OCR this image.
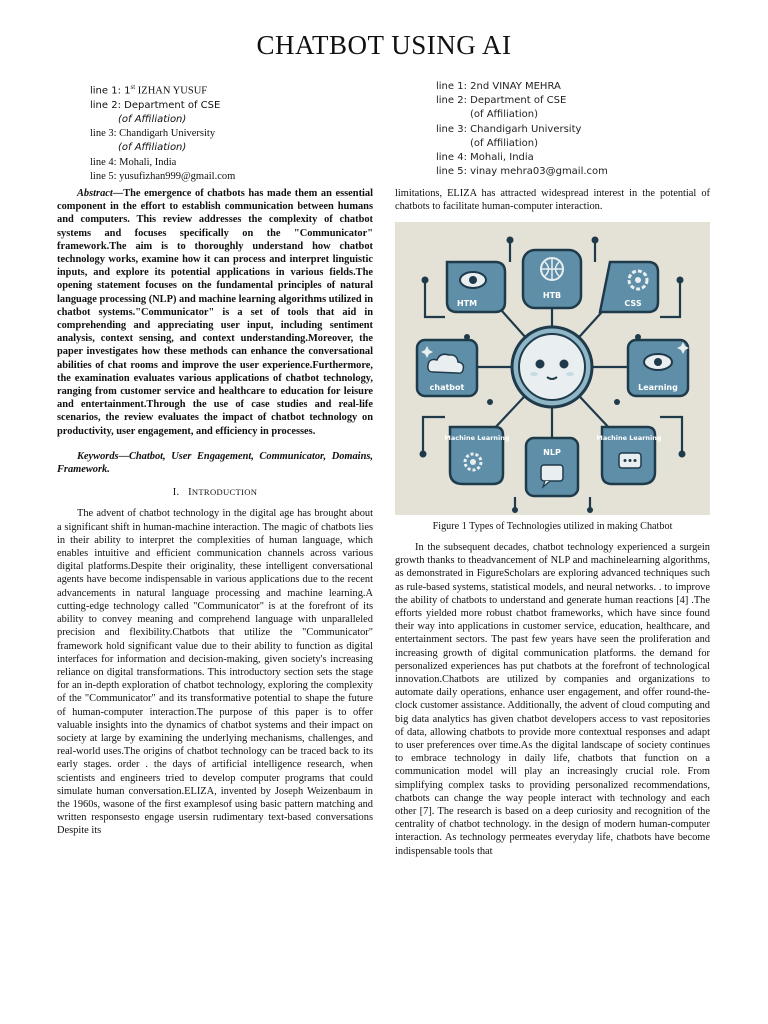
CHATBOT USING AI
line 1: 1st IZHAN YUSUF
line 2: Department of CSE
(of Affiliation)
line 3: Chandigarh University
(of Affiliation)
line 4: Mohali, India
line 5: yusufizhan999@gmail.com
line 1: 2nd VINAY MEHRA
line 2: Department of CSE
(of Affiliation)
line 3: Chandigarh University
(of Affiliation)
line 4: Mohali, India
line 5: vinay mehra03@gmail.com

Abstract—The emergence of chatbots has made them an essential component in the effort to establish communication between humans and computers. This review addresses the complexity of chatbot systems and focuses specifically on the "Communicator" framework.The aim is to thoroughly understand how chatbot technology works, examine how it can process and interpret linguistic inputs, and explore its potential applications in various fields.The opening statement focuses on the fundamental principles of natural language processing (NLP) and machine learning algorithms utilized in chatbot systems."Communicator" is a set of tools that aid in comprehending and appreciating user input, including sentiment analysis, context sensing, and context understanding.Moreover, the paper investigates how these methods can enhance the conversational abilities of chat rooms and improve the user experience.Furthermore, the examination evaluates various applications of chatbot technology, ranging from customer service and healthcare to education for leisure and entertainment.Through the use of case studies and real-life scenarios, the review evaluates the impact of chatbot technology on productivity, user engagement, and efficiency in processes.

Keywords—Chatbot, User Engagement, Communicator, Domains, Framework.

I. INTRODUCTION

The advent of chatbot technology in the digital age has brought about a significant shift in human-machine interaction. The magic of chatbots lies in their ability to interpret the complexities of human language, which enables intuitive and efficient communication channels across various digital platforms.Despite their originality, these intelligent conversational agents have become indispensable in various applications due to the recent advancements in natural language processing and machine learning.A cutting-edge technology called "Communicator" is at the forefront of its ability to convey meaning and comprehend language with unparalleled precision and flexibility.Chatbots that utilize the "Communicator" framework hold significant value due to their ability to function as digital interfaces for information and decision-making, given society's increasing reliance on digital transformations. This introductory section sets the stage for an in-depth exploration of chatbot technology, exploring the complexity of the "Communicator" and its transformative potential to shape the future of human-computer interaction.The purpose of this paper is to offer valuable insights into the dynamics of chatbot systems and their impact on society at large by examining the underlying mechanisms, challenges, and real-world uses.The origins of chatbot technology can be traced back to its early stages. order . the days of artificial intelligence research, when scientists and engineers tried to develop computer programs that could simulate human conversation.ELIZA, invented by Joseph Weizenbaum in the 1960s, wasone of the first examplesof using basic pattern matching and written responsesto engage usersin rudimentary text-based conversations Despite its

limitations, ELIZA has attracted widespread interest in the potential of chatbots to facilitate human-computer interaction.

HTM
HTB
CSS
chatbot	Learning
Machine Learning
NLP
Machine Learning
Figure 1 Types of Technologies utilized in making Chatbot

In the subsequent decades, chatbot technology experienced a surgein growth thanks to theadvancement of NLP and machinelearning algorithms, as demonstrated in FigureScholars are exploring advanced techniques such as rule-based systems, statistical models, and neural networks. . to improve the ability of chatbots to understand and generate human reactions [4] .The efforts yielded more robust chatbot frameworks, which have since found their way into applications in customer service, education, healthcare, and entertainment sectors. The past few years have seen the proliferation and increasing growth of digital communication platforms. the demand for personalized experiences has put chatbots at the forefront of technological innovation.Chatbots are utilized by companies and organizations to automate daily operations, enhance user engagement, and offer round-the-clock customer assistance. Additionally, the advent of cloud computing and big data analytics has given chatbot developers access to vast repositories of data, allowing chatbots to provide more contextual responses and adapt to user preferences over time.As the digital landscape of society continues to embrace technology in daily life, chatbots that function on a communication model will play an increasingly crucial role. From simplifying complex tasks to providing personalized recommendations, chatbots can change the way people interact with technology and each other [7]. The research is based on a deep curiosity and recognition of the centrality of chatbot technology. in the design of modern human-computer interaction. As technology permeates everyday life, chatbots have become indispensable tools that
